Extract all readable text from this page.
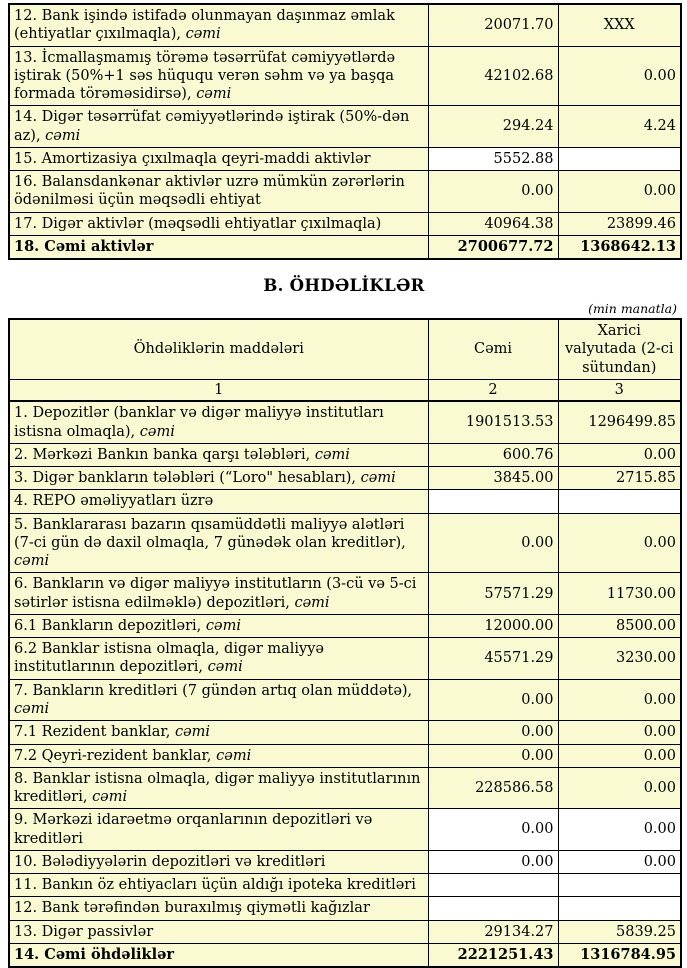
12. Bank işində istifadə olunmayan daşınmaz əmlak (ehtiyatlar çıxılmaqla), cəmi	20071.70	XXX
13. İcmallaşmamış törəmə təsərrüfat cəmiyyətlərdə iştirak (50%+1 səs hüququ verən səhm və ya başqa formada törəməsidirsə), cəmi	42102.68	0.00
14. Digər təsərrüfat cəmiyyətlərində iştirak (50%-dən az), cəmi	294.24	4.24
15. Amortizasiya çıxılmaqla qeyri-maddi aktivlər	5552.88	
16. Balansdankənar aktivlər uzrə mümkün zərərlərin ödənilməsi üçün məqsədli ehtiyat	0.00	0.00
17. Digər aktivlər (məqsədli ehtiyatlar çıxılmaqla)	40964.38	23899.46
18. Cəmi aktivlər	2700677.72	1368642.13
B. ÖHDƏLİKLƏR
(min manatla)
Öhdəliklərin maddələri	Cəmi	Xarici valyutada (2-ci sütundan)
1	2	3
1. Depozitlər (banklar və digər maliyyə institutları istisna olmaqla), cəmi	1901513.53	1296499.85
2. Mərkəzi Bankın banka qarşı tələbləri, cəmi	600.76	0.00
3. Digər bankların tələbləri (“Loro" hesabları), cəmi	3845.00	2715.85
4. REPO əməliyyatları üzrə		
5. Banklararası bazarın qısamüddətli maliyyə alətləri (7-ci gün də daxil olmaqla, 7 günədək olan kreditlər), cəmi	0.00	0.00
6. Bankların və digər maliyyə institutların (3-cü və 5-ci sətirlər istisna edilməklə) depozitləri, cəmi	57571.29	11730.00
6.1 Bankların depozitləri, cəmi	12000.00	8500.00
6.2 Banklar istisna olmaqla, digər maliyyə institutlarının depozitləri, cəmi	45571.29	3230.00
7. Bankların kreditləri (7 gündən artıq olan müddətə), cəmi	0.00	0.00
7.1 Rezident banklar, cəmi	0.00	0.00
7.2 Qeyri-rezident banklar, cəmi	0.00	0.00
8. Banklar istisna olmaqla, digər maliyyə institutlarının kreditləri, cəmi	228586.58	0.00
9. Mərkəzi idarəetmə orqanlarının depozitləri və kreditləri	0.00	0.00
10. Bələdiyyələrin depozitləri və kreditləri	0.00	0.00
11. Bankın öz ehtiyacları üçün aldığı ipoteka kreditləri		
12. Bank tərəfindən buraxılmış qiymətli kağızlar		
13. Digər passivlər	29134.27	5839.25
14. Cəmi öhdəliklər	2221251.43	1316784.95
